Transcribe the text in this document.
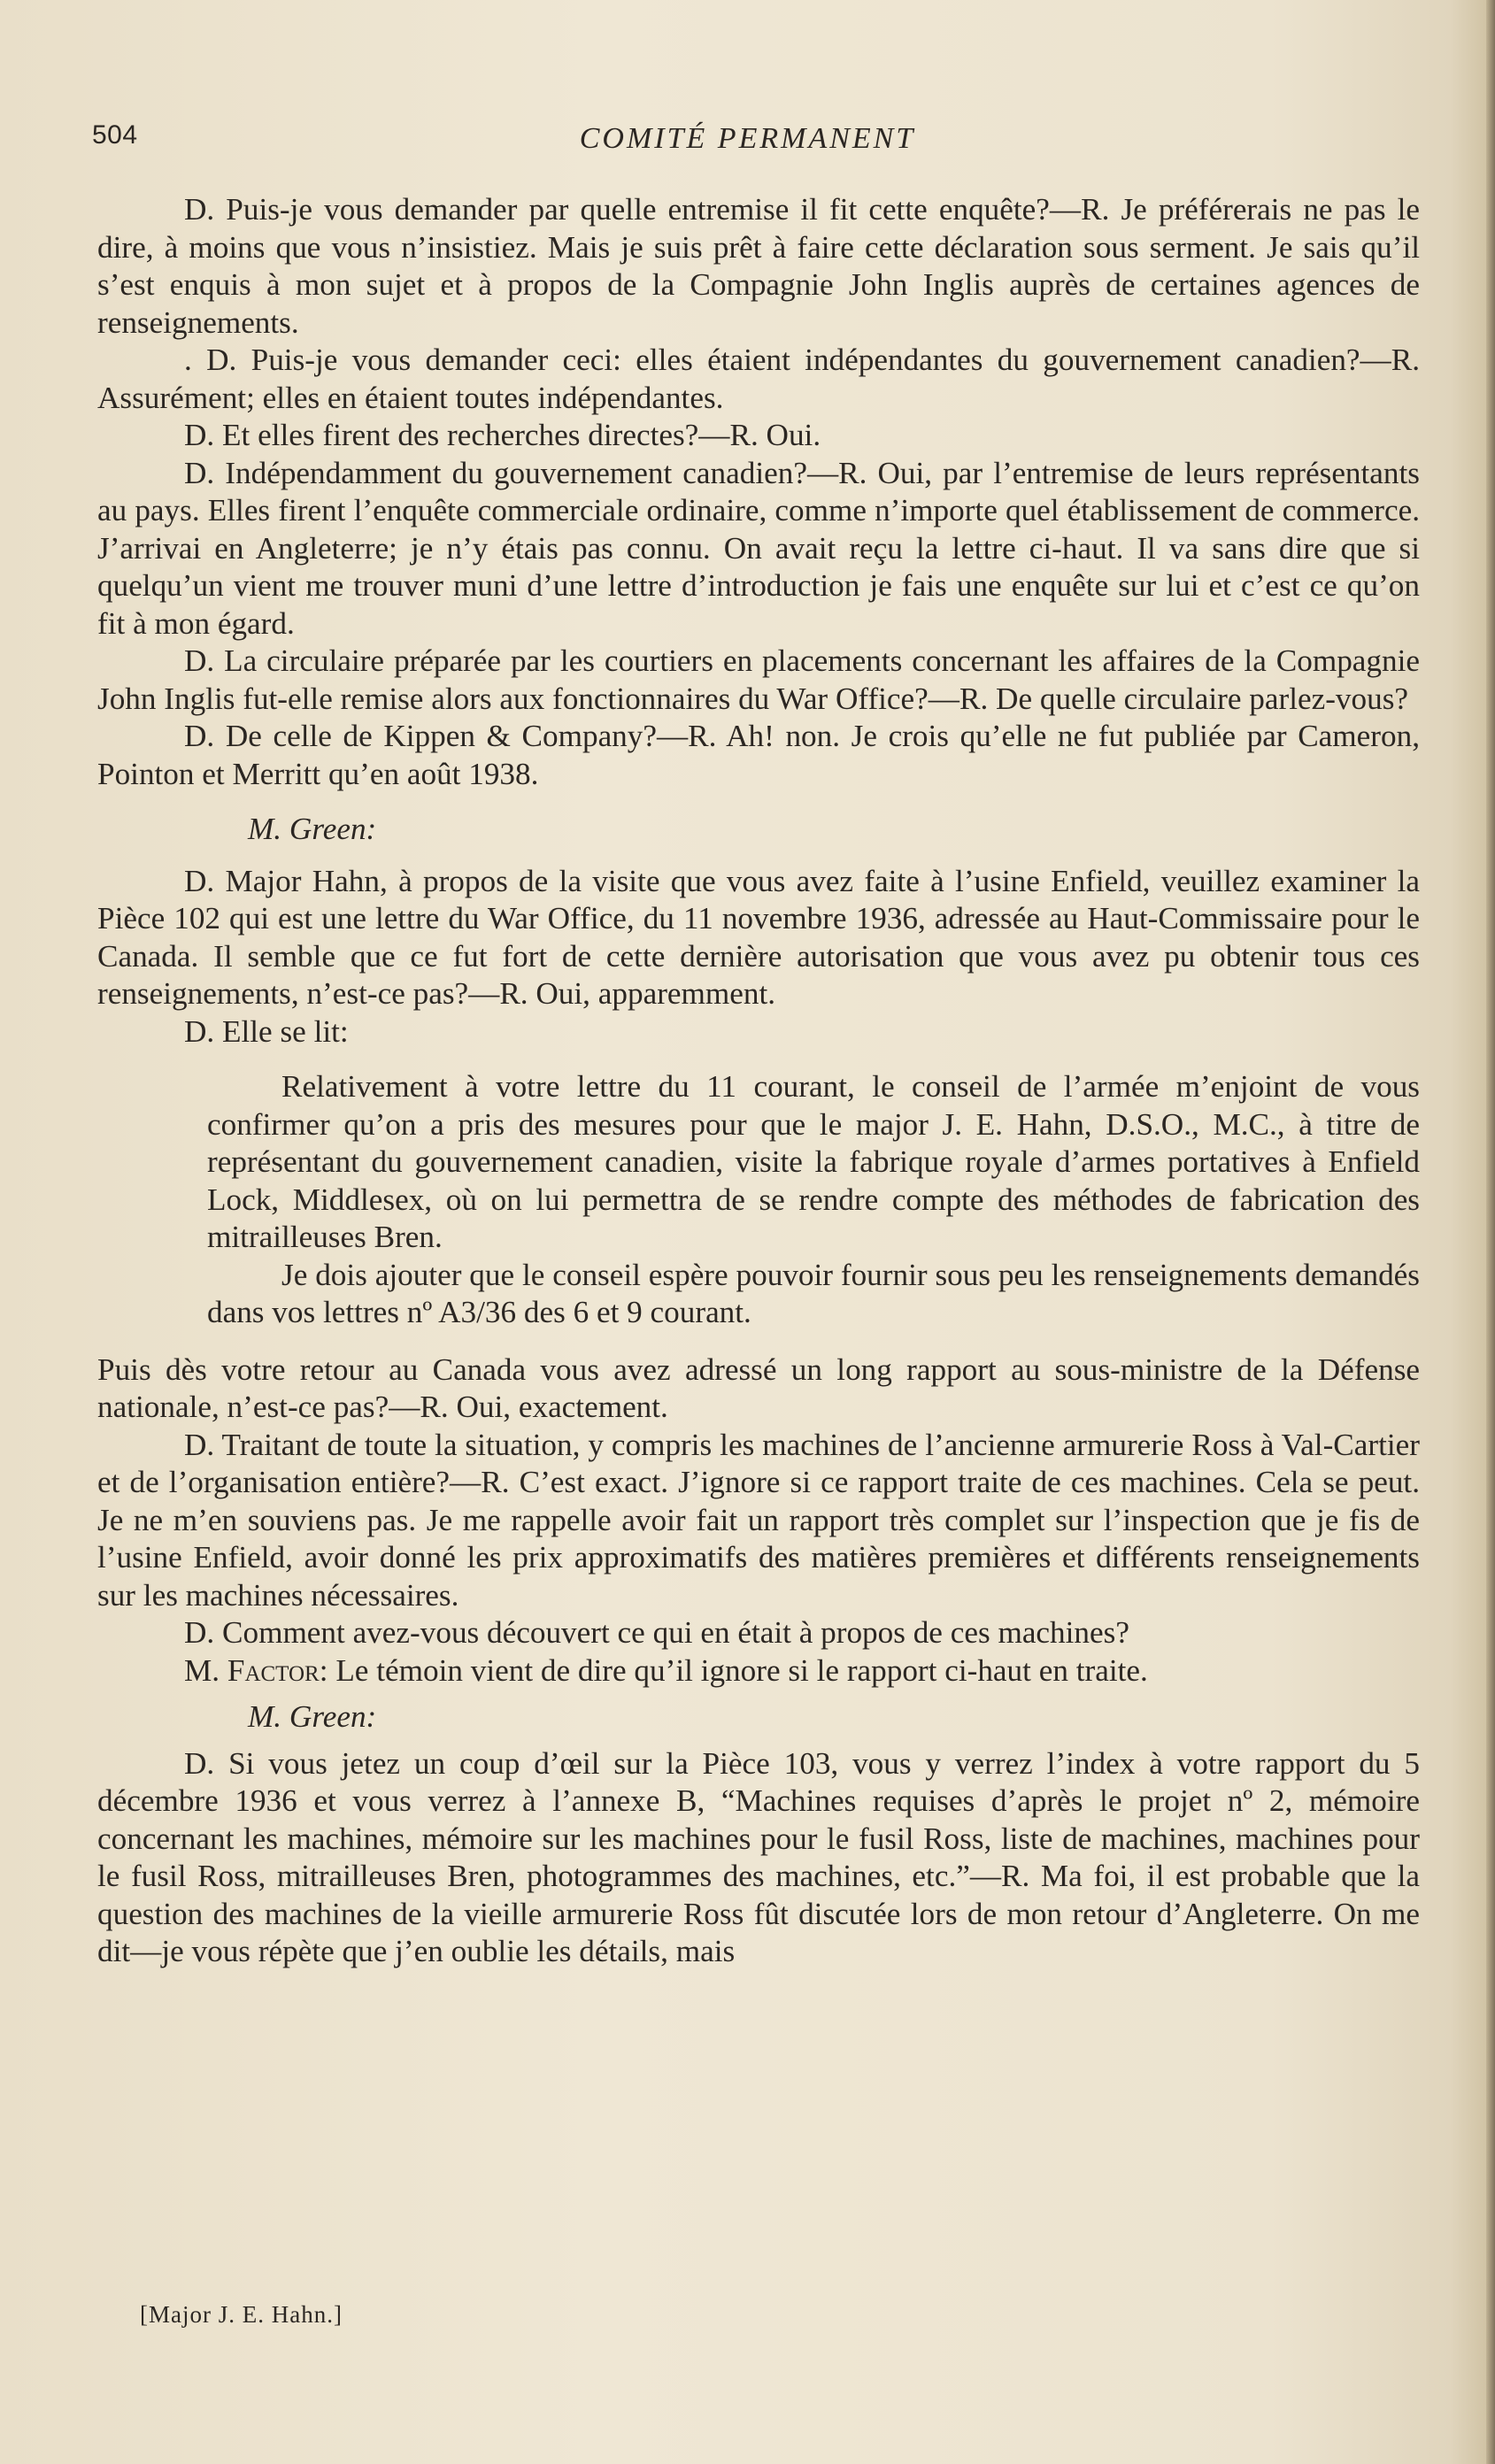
504	COMITÉ PERMANENT

D. Puis-je vous demander par quelle entremise il fit cette enquête?—R. Je préférerais ne pas le dire, à moins que vous n’insistiez. Mais je suis prêt à faire cette déclaration sous serment. Je sais qu’il s’est enquis à mon sujet et à propos de la Compagnie John Inglis auprès de certaines agences de renseignements.

. D. Puis-je vous demander ceci: elles étaient indépendantes du gouvernement canadien?—R. Assurément; elles en étaient toutes indépendantes.

D. Et elles firent des recherches directes?—R. Oui.

D. Indépendamment du gouvernement canadien?—R. Oui, par l’entremise de leurs représentants au pays. Elles firent l’enquête commerciale ordinaire, comme n’importe quel établissement de commerce. J’arrivai en Angleterre; je n’y étais pas connu. On avait reçu la lettre ci-haut. Il va sans dire que si quelqu’un vient me trouver muni d’une lettre d’introduction je fais une enquête sur lui et c’est ce qu’on fit à mon égard.

D. La circulaire préparée par les courtiers en placements concernant les affaires de la Compagnie John Inglis fut-elle remise alors aux fonctionnaires du War Office?—R. De quelle circulaire parlez-vous?

D. De celle de Kippen & Company?—R. Ah! non. Je crois qu’elle ne fut publiée par Cameron, Pointon et Merritt qu’en août 1938.

M. Green:

D. Major Hahn, à propos de la visite que vous avez faite à l’usine Enfield, veuillez examiner la Pièce 102 qui est une lettre du War Office, du 11 novembre 1936, adressée au Haut-Commissaire pour le Canada. Il semble que ce fut fort de cette dernière autorisation que vous avez pu obtenir tous ces renseignements, n’est-ce pas?—R. Oui, apparemment.

D. Elle se lit:

Relativement à votre lettre du 11 courant, le conseil de l’armée m’enjoint de vous confirmer qu’on a pris des mesures pour que le major J. E. Hahn, D.S.O., M.C., à titre de représentant du gouvernement canadien, visite la fabrique royale d’armes portatives à Enfield Lock, Middlesex, où on lui permettra de se rendre compte des méthodes de fabrication des mitrailleuses Bren.

Je dois ajouter que le conseil espère pouvoir fournir sous peu les renseignements demandés dans vos lettres nº A3/36 des 6 et 9 courant.

Puis dès votre retour au Canada vous avez adressé un long rapport au sous-ministre de la Défense nationale, n’est-ce pas?—R. Oui, exactement.

D. Traitant de toute la situation, y compris les machines de l’ancienne armurerie Ross à Val-Cartier et de l’organisation entière?—R. C’est exact. J’ignore si ce rapport traite de ces machines. Cela se peut. Je ne m’en souviens pas. Je me rappelle avoir fait un rapport très complet sur l’inspection que je fis de l’usine Enfield, avoir donné les prix approximatifs des matières premières et différents renseignements sur les machines nécessaires.

D. Comment avez-vous découvert ce qui en était à propos de ces machines?

M. Factor: Le témoin vient de dire qu’il ignore si le rapport ci-haut en traite.

M. Green:

D. Si vous jetez un coup d’œil sur la Pièce 103, vous y verrez l’index à votre rapport du 5 décembre 1936 et vous verrez à l’annexe B, “Machines requises d’après le projet nº 2, mémoire concernant les machines, mémoire sur les machines pour le fusil Ross, liste de machines, machines pour le fusil Ross, mitrailleuses Bren, photogrammes des machines, etc.”—R. Ma foi, il est probable que la question des machines de la vieille armurerie Ross fût discutée lors de mon retour d’Angleterre. On me dit—je vous répète que j’en oublie les détails, mais

[Major J. E. Hahn.]
